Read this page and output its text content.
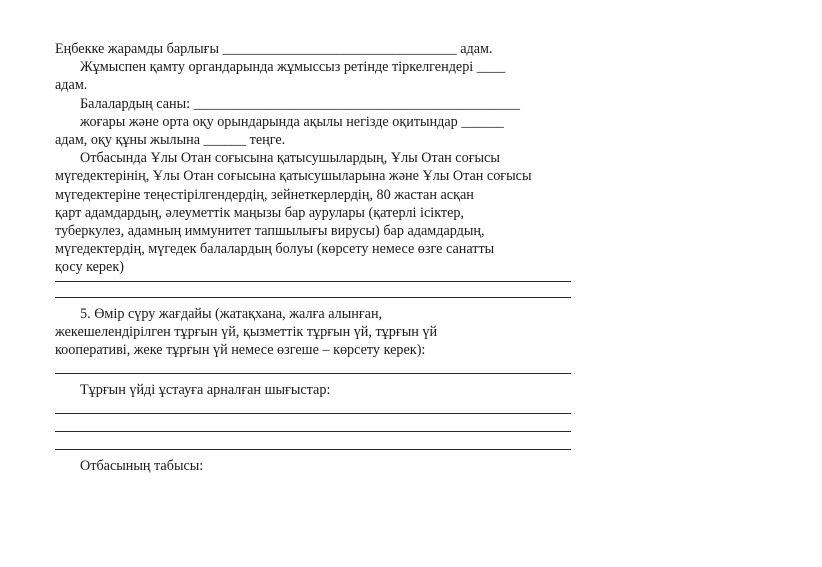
Еңбекке жарамды барлығы _________________________________ адам.
Жұмыспен қамту органдарында жұмыссыз ретінде тіркелгендері ____
адам.
Балалардың саны: ______________________________________________
жоғары және орта оқу орындарында ақылы негізде оқитындар ______
адам, оқу құны жылына ______ теңге.
Отбасында Ұлы Отан соғысына қатысушылардың, Ұлы Отан соғысы
мүгедектерінің, Ұлы Отан соғысына қатысушыларына және Ұлы Отан соғысы
мүгедектеріне теңестірілгендердің, зейнеткерлердің, 80 жастан асқан
қарт адамдардың, әлеуметтік маңызы бар аурулары (қатерлі ісіктер,
туберкулез, адамның иммунитет тапшылығы вирусы) бар адамдардың,
мүгедектердің, мүгедек балалардың болуы (көрсету немесе өзге санатты
қосу керек)
5. Өмір сүру жағдайы (жатақхана, жалға алынған,
жекешелендірілген тұрғын үй, қызметтік тұрғын үй, тұрғын үй
кооперативі, жеке тұрғын үй немесе өзгеше – көрсету керек):
Тұрғын үйді ұстауға арналған шығыстар:
Отбасының табысы:
